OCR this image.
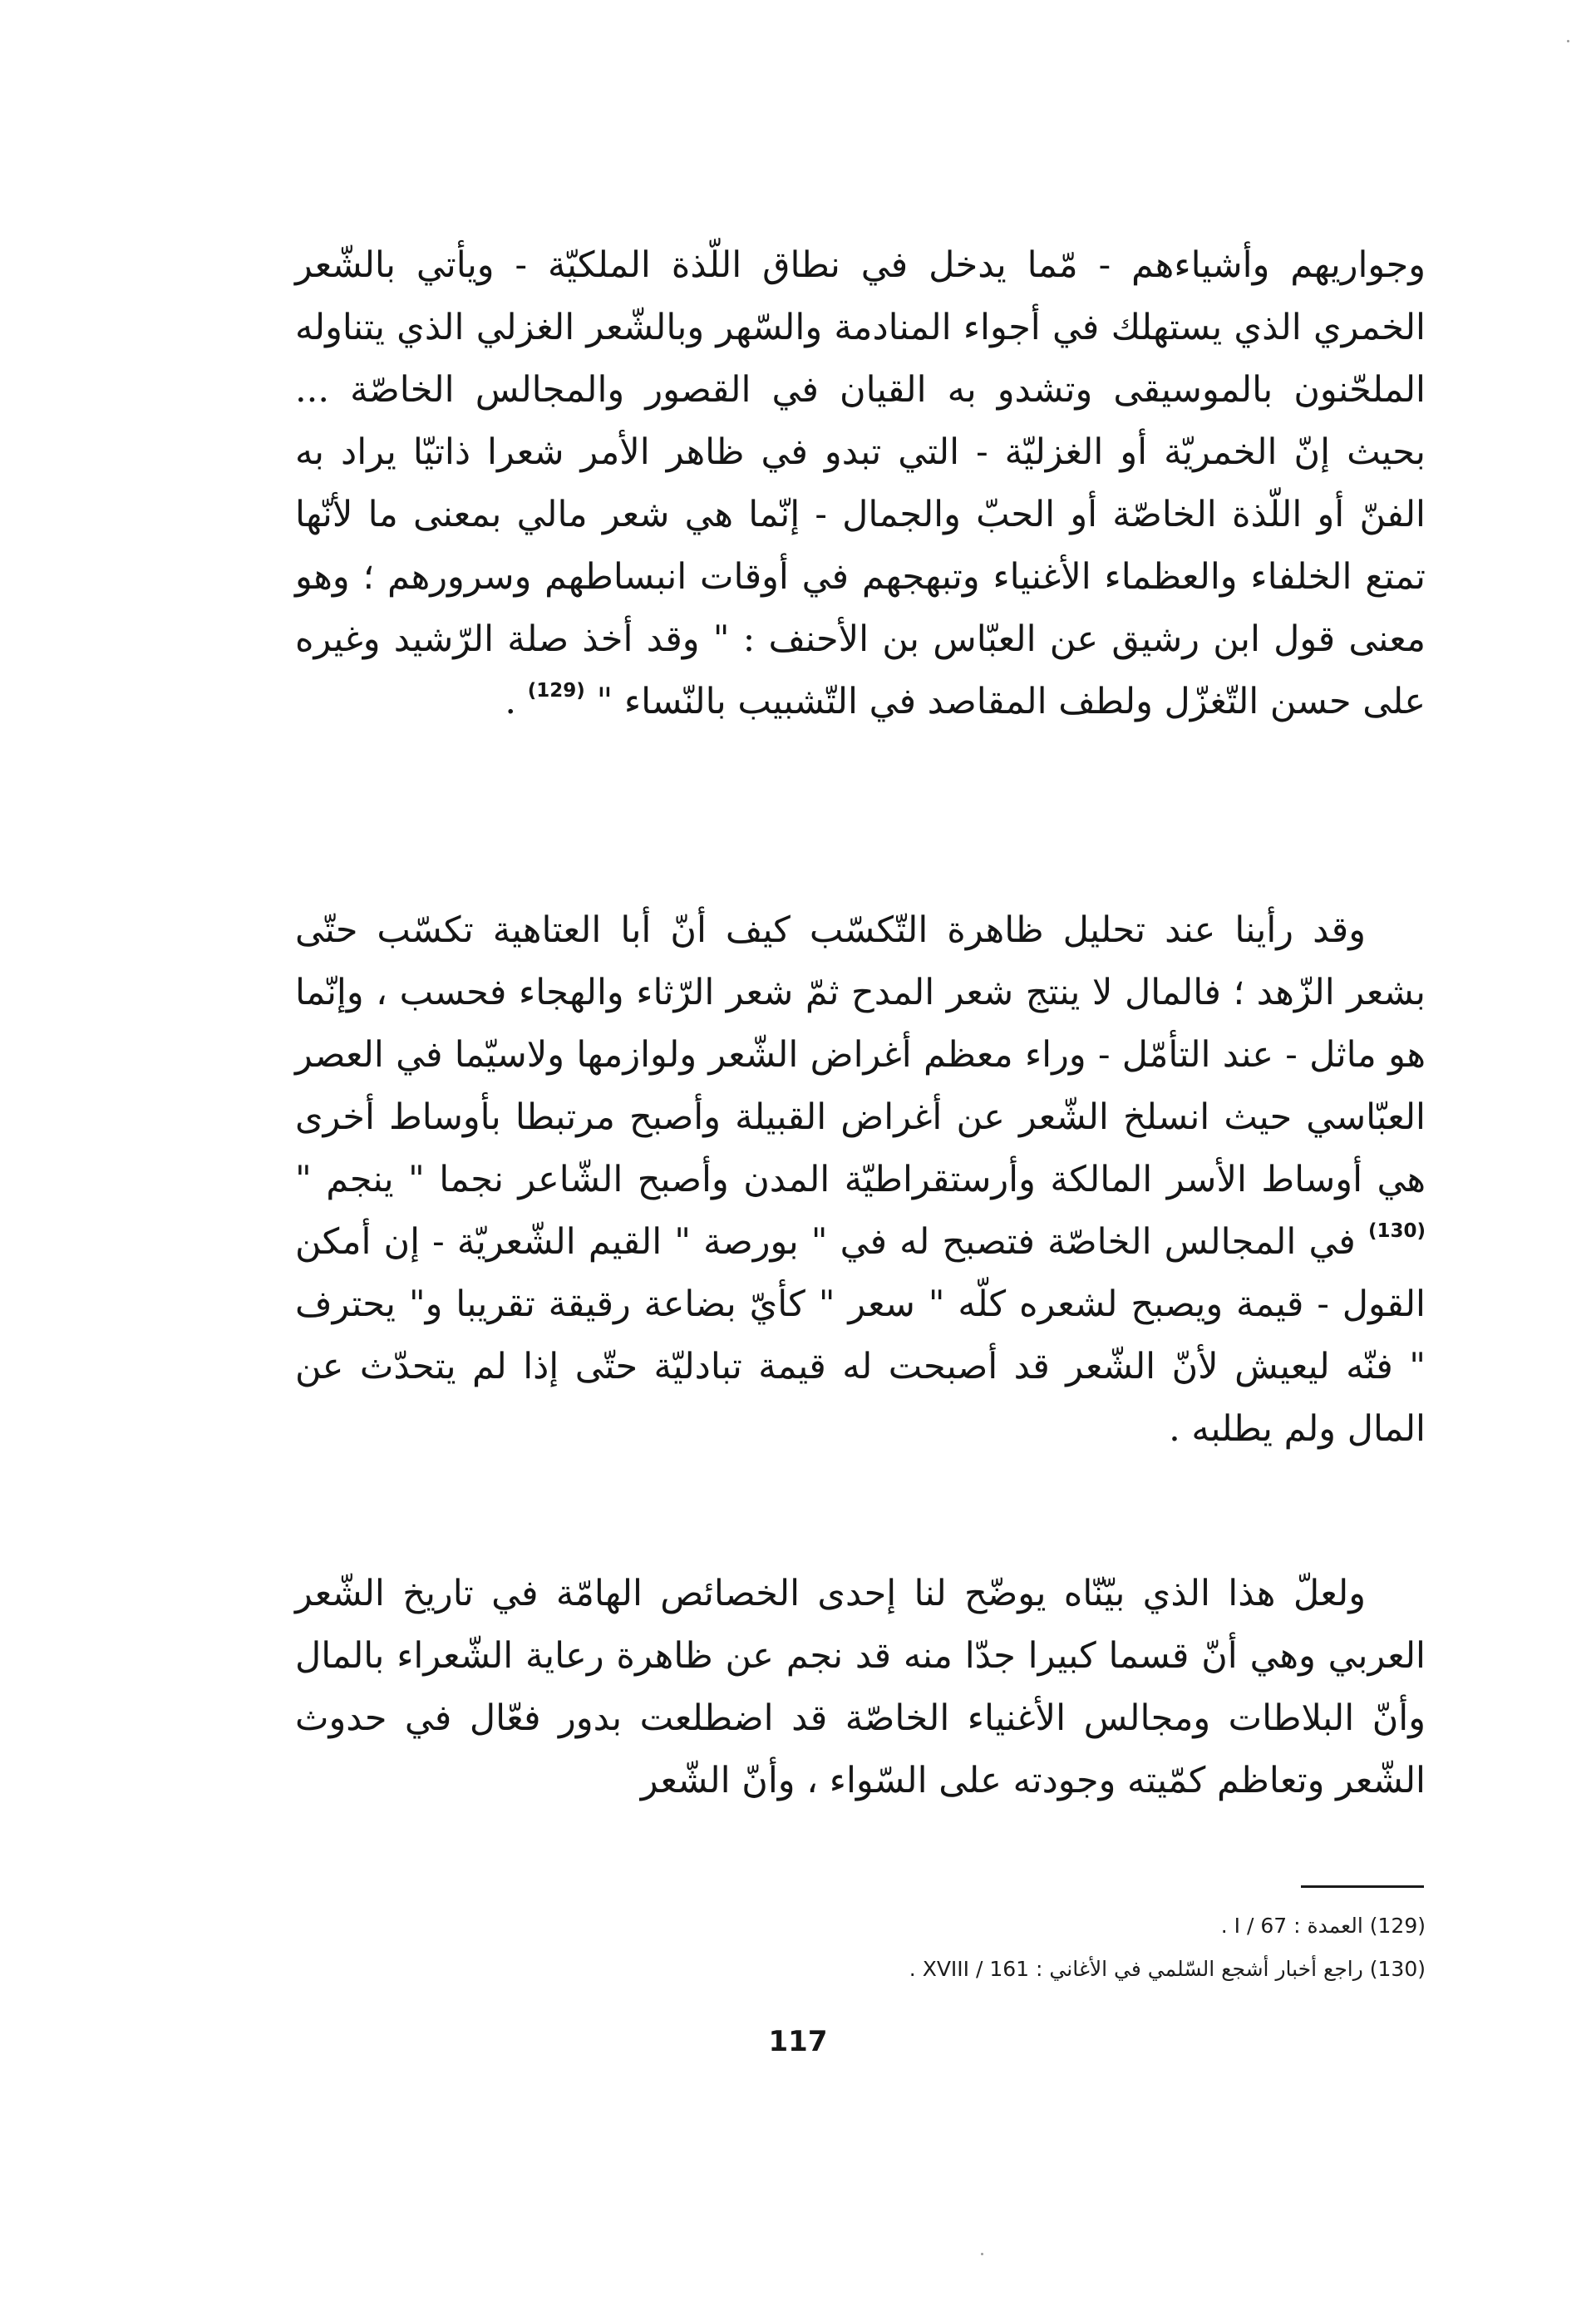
وجواريهم وأشياءهم - مّما يدخل في نطاق اللّذة الملكيّة - ويأتي بالشّعر الخمري الذي يستهلك في أجواء المنادمة والسّهر وبالشّعر الغزلي الذي يتناوله الملحّنون بالموسيقى وتشدو به القيان في القصور والمجالس الخاصّة ... بحيث إنّ الخمريّة أو الغزليّة - التي تبدو في ظاهر الأمر شعرا ذاتيّا يراد به الفنّ أو اللّذة الخاصّة أو الحبّ والجمال - إنّما هي شعر مالي بمعنى ما لأنّها تمتع الخلفاء والعظماء الأغنياء وتبهجهم في أوقات انبساطهم وسرورهم ؛ وهو معنى قول ابن رشيق عن العبّاس بن الأحنف : " وقد أخذ صلة الرّشيد وغيره على حسن التّغزّل ولطف المقاصد في التّشبيب بالنّساء " $^{(129)}$ .

وقد رأينا عند تحليل ظاهرة التّكسّب كيف أنّ أبا العتاهية تكسّب حتّى بشعر الزّهد ؛ فالمال لا ينتج شعر المدح ثمّ شعر الرّثاء والهجاء فحسب ، وإنّما هو ماثل - عند التأمّل - وراء معظم أغراض الشّعر ولوازمها ولاسيّما في العصر العبّاسي حيث انسلخ الشّعر عن أغراض القبيلة وأصبح مرتبطا بأوساط أخرى هي أوساط الأسر المالكة وأرستقراطيّة المدن وأصبح الشّاعر نجما " ينجم " $^{(130)}$ في المجالس الخاصّة فتصبح له في " بورصة " القيم الشّعريّة - إن أمكن القول - قيمة ويصبح لشعره كلّه " سعر " كأيّ بضاعة رقيقة تقريبا و" يحترف " فنّه ليعيش لأنّ الشّعر قد أصبحت له قيمة تبادليّة حتّى إذا لم يتحدّث عن المال ولم يطلبه .

ولعلّ هذا الذي بيّنّاه يوضّح لنا إحدى الخصائص الهامّة في تاريخ الشّعر العربي وهي أنّ قسما كبيرا جدّا منه قد نجم عن ظاهرة رعاية الشّعراء بالمال وأنّ البلاطات ومجالس الأغنياء الخاصّة قد اضطلعت بدور فعّال في حدوث الشّعر وتعاظم كمّيته وجودته على السّواء ، وأنّ الشّعر

(129) العمدة : I / 67 .
(130) راجع أخبار أشجع السّلمي في الأغاني : XVIII / 161 .
117
